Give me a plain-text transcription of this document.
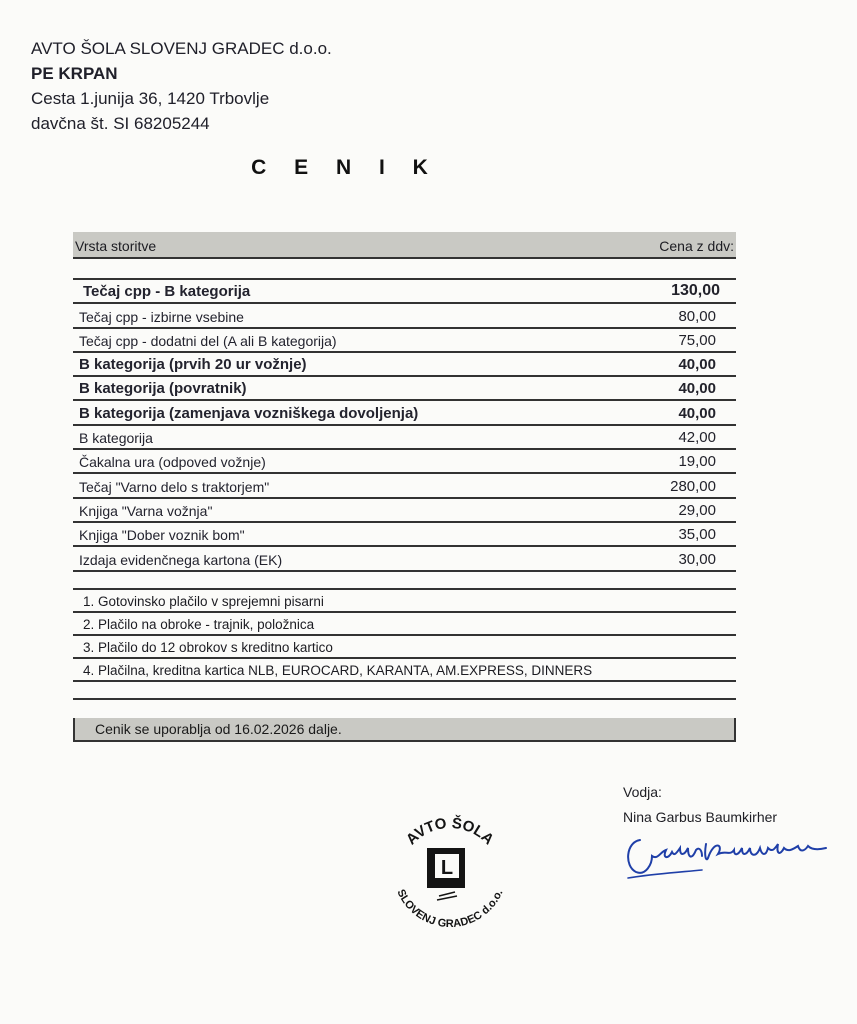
AVTO ŠOLA SLOVENJ GRADEC d.o.o.
PE KRPAN
Cesta 1.junija 36, 1420 Trbovlje
davčna št. SI 68205244
C E N I K
Vrsta storitve	Cena z ddv:
Tečaj cpp - B kategorija	130,00
Tečaj cpp - izbirne vsebine	80,00
Tečaj cpp - dodatni del (A ali B kategorija)	75,00
B kategorija (prvih 20 ur vožnje)	40,00
B kategorija (povratnik)	40,00
B kategorija (zamenjava vozniškega dovoljenja)	40,00
B kategorija	42,00
Čakalna ura (odpoved vožnje)	19,00
Tečaj "Varno delo s traktorjem"	280,00
Knjiga "Varna vožnja"	29,00
Knjiga "Dober voznik bom"	35,00
Izdaja evidenčnega kartona (EK)	30,00
1. Gotovinsko plačilo v sprejemni pisarni
2. Plačilo na obroke - trajnik, položnica
3. Plačilo do 12 obrokov s kreditno kartico
4. Plačilna, kreditna kartica NLB, EUROCARD, KARANTA, AM.EXPRESS, DINNERS
Cenik se uporablja od 16.02.2026 dalje.
Vodja:
Nina Garbus Baumkirher
AVTO ŠOLA
SLOVENJ GRADEC d.o.o.
L
